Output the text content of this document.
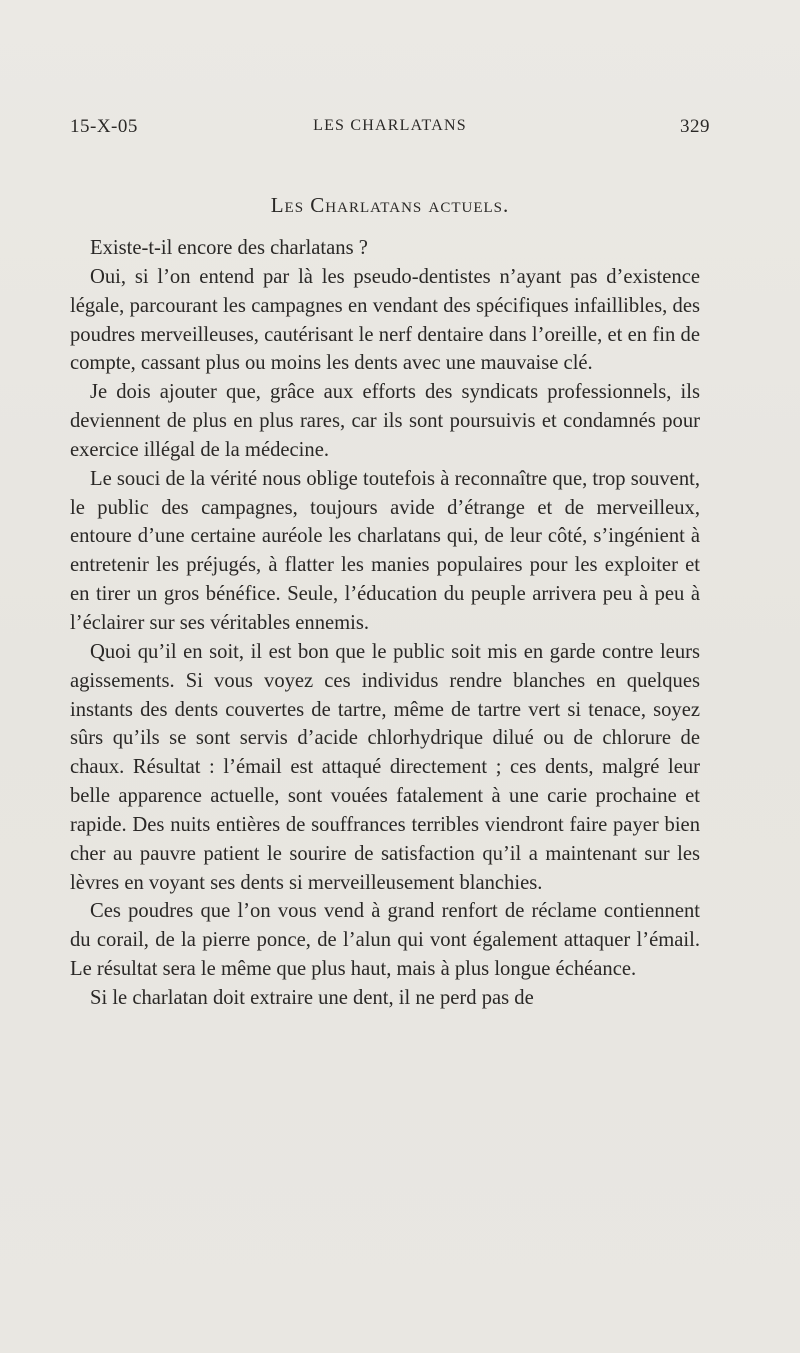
15-X-05	LES CHARLATANS	329
Les Charlatans actuels.

Existe-t-il encore des charlatans ?

Oui, si l’on entend par là les pseudo-dentistes n’ayant pas d’existence légale, parcourant les campagnes en vendant des spécifiques infaillibles, des poudres merveilleuses, cautérisant le nerf dentaire dans l’oreille, et en fin de compte, cassant plus ou moins les dents avec une mauvaise clé.

Je dois ajouter que, grâce aux efforts des syndicats professionnels, ils deviennent de plus en plus rares, car ils sont poursuivis et condamnés pour exercice illégal de la médecine.

Le souci de la vérité nous oblige toutefois à reconnaître que, trop souvent, le public des campagnes, toujours avide d’étrange et de merveilleux, entoure d’une certaine auréole les charlatans qui, de leur côté, s’ingénient à entretenir les préjugés, à flatter les manies populaires pour les exploiter et en tirer un gros bénéfice. Seule, l’éducation du peuple arrivera peu à peu à l’éclairer sur ses véritables ennemis.

Quoi qu’il en soit, il est bon que le public soit mis en garde contre leurs agissements. Si vous voyez ces individus rendre blanches en quelques instants des dents couvertes de tartre, même de tartre vert si tenace, soyez sûrs qu’ils se sont servis d’acide chlorhydrique dilué ou de chlorure de chaux. Résultat : l’émail est attaqué directement ; ces dents, malgré leur belle apparence actuelle, sont vouées fatalement à une carie prochaine et rapide. Des nuits entières de souffrances terribles viendront faire payer bien cher au pauvre patient le sourire de satisfaction qu’il a maintenant sur les lèvres en voyant ses dents si merveilleusement blanchies.

Ces poudres que l’on vous vend à grand renfort de réclame contiennent du corail, de la pierre ponce, de l’alun qui vont également attaquer l’émail. Le résultat sera le même que plus haut, mais à plus longue échéance.

Si le charlatan doit extraire une dent, il ne perd pas de
